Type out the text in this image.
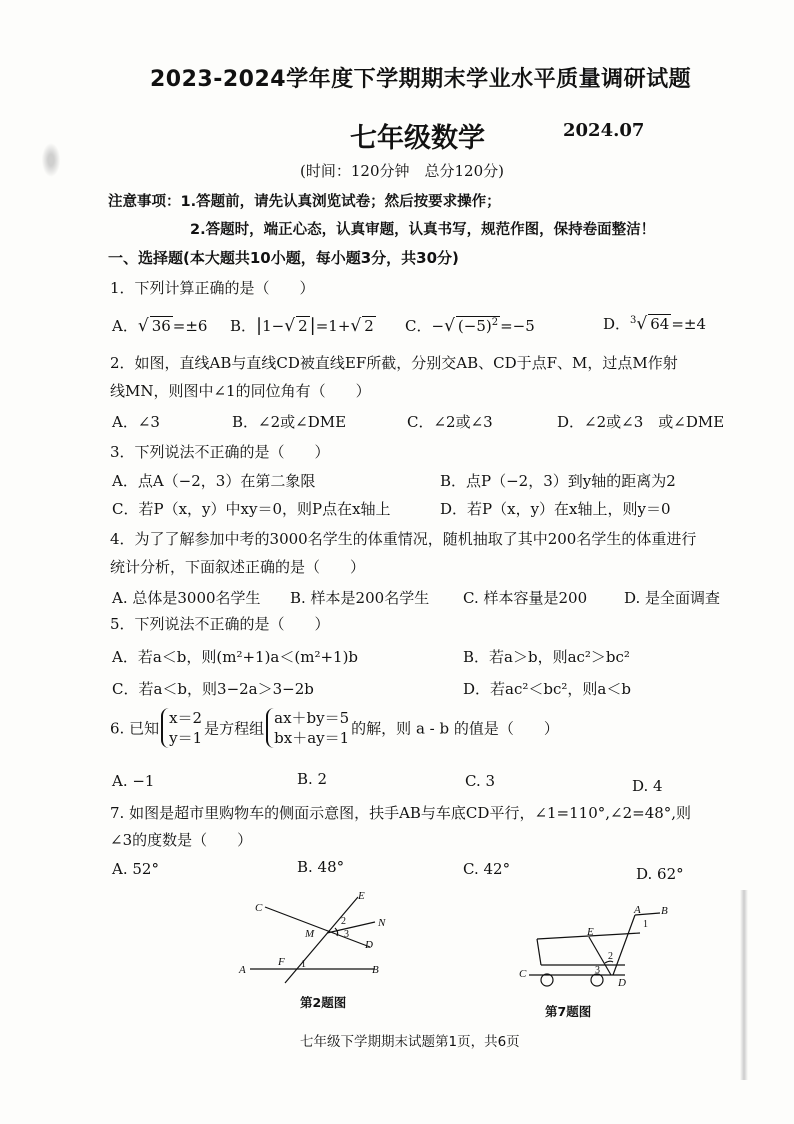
2023-2024学年度下学期期末学业水平质量调研试题
七年级数学	2024.07
(时间：120分钟　总分120分)
注意事项：1.答题前，请先认真浏览试卷；然后按要求操作；
2.答题时，端正心态，认真审题，认真书写，规范作图，保持卷面整洁！
一、选择题(本大题共10小题，每小题3分，共30分)
1．下列计算正确的是（　　）
A．√ 36 =±6 B．|1−√ 2 |=1+√ 2 C．−√ $(-5)^2 =-5$	D．$^3$√ 64 =±4
2．如图，直线AB与直线CD被直线EF所截，分别交AB、CD于点F、M，过点M作射
线MN，则图中∠1的同位角有（　　）
A．∠3	B．∠2或∠DME	C．∠2或∠3	D．∠2或∠3　或∠DME
3．下列说法不正确的是（　　）
A．点A（−2，3）在第二象限	B．点P（−2，3）到y轴的距离为2
C．若P（x，y）中xy＝0，则P点在x轴上	D．若P（x，y）在x轴上，则y＝0
4．为了了解参加中考的3000名学生的体重情况，随机抽取了其中200名学生的体重进行
统计分析，下面叙述正确的是（　　）
A. 总体是3000名学生 B. 样本是200名学生 C. 样本容量是200 D. 是全面调查
5．下列说法不正确的是（　　）
A．若a＜b，则(m²+1)a＜(m²+1)b	B．若a＞b，则ac²＞bc²
C．若a＜b，则3−2a＞3−2b	D．若ac²＜bc²，则a＜b
6. 已知x＝2
y＝1是方程组ax＋by＝5
bx＋ay＝1的解，则 a - b 的值是（　　）
A. −1	B. 2	C. 3	D. 4
7. 如图是超市里购物车的侧面示意图，扶手AB与车底CD平行，∠1=110°,∠2=48°,则
∠3的度数是（　　）
A. 52°	B. 48°	C. 42°	D. 62°
C
E
N
M
D
A
F
B
1
2
3
第2题图
A B
E
C
D
1
2
3
第7题图
七年级下学期期末试题第1页，共6页
